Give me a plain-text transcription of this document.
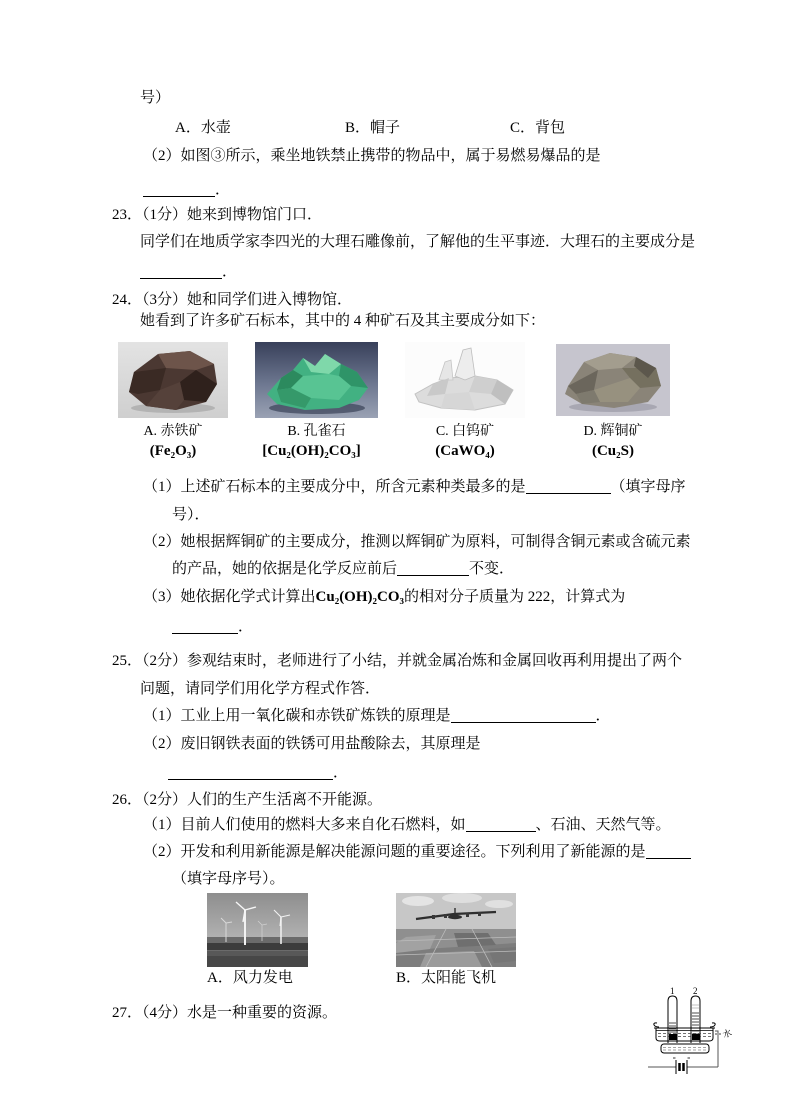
号）
A．水壶	B．帽子	C．背包
（2）如图③所示，乘坐地铁禁止携带的物品中，属于易燃易爆品的是
．
23．（1分）她来到博物馆门口．
同学们在地质学家李四光的大理石雕像前，了解他的生平事迹．大理石的主要成分是
．
24．（3分）她和同学们进入博物馆．
她看到了许多矿石标本，其中的 4 种矿石及其主要成分如下：
A. 赤铁矿	B. 孔雀石	C. 白钨矿	D. 辉铜矿
(Fe₂O₃)	[Cu₂(OH)₂CO₃]	(CaWO₄)	(Cu₂S)
（1）上述矿石标本的主要成分中，所含元素种类最多的是	（填字母序
号）．
（2）她根据辉铜矿的主要成分，推测以辉铜矿为原料，可制得含铜元素或含硫元素
的产品，她的依据是化学反应前后	不变．
（3）她依据化学式计算出Cu₂(OH)₂CO₃的相对分子质量为 222，计算式为
．
25．（2分）参观结束时，老师进行了小结，并就金属冶炼和金属回收再利用提出了两个
问题，请同学们用化学方程式作答．
（1）工业上用一氧化碳和赤铁矿炼铁的原理是	．
（2）废旧钢铁表面的铁锈可用盐酸除去，其原理是
．
26．（2分）人们的生产生活离不开能源。
（1）目前人们使用的燃料大多来自化石燃料，如	、石油、天然气等。
（2）开发和利用新能源是解决能源问题的重要途径。下列利用了新能源的是
（填字母序号）。
A．风力发电	B．太阳能飞机
27．（4分）水是一种重要的资源。
1 2
水
